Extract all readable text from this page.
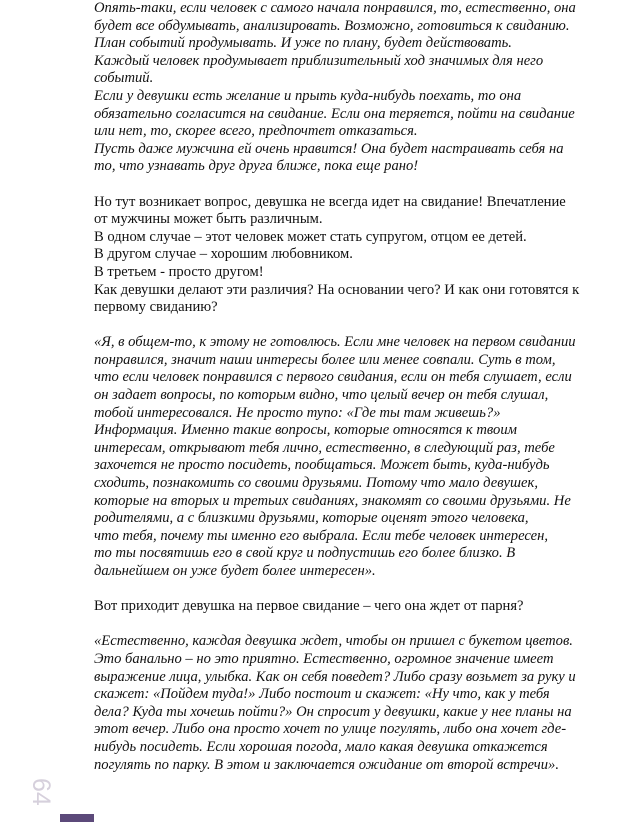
Опять-таки, если человек с самого начала понравился, то, естественно, она
будет все обдумывать, анализировать. Возможно, готовиться к свиданию.
План событий продумывать. И уже по плану, будет действовать.
Каждый человек продумывает приблизительный ход значимых для него
событий.
Если у девушки есть желание и прыть куда-нибудь поехать, то она
обязательно согласится на свидание. Если она теряется, пойти на свидание
или нет, то, скорее всего, предпочтет отказаться.
Пусть даже мужчина ей очень нравится! Она будет настраивать себя на
то, что узнавать друг друга ближе, пока еще рано!
Но тут возникает вопрос, девушка не всегда идет на свидание! Впечатление
от мужчины может быть различным.
В одном случае – этот человек может стать супругом, отцом ее детей.
В другом случае – хорошим любовником.
В третьем - просто другом!
Как девушки делают эти различия? На основании чего? И как они готовятся к
первому свиданию?
«Я, в общем-то, к этому не готовлюсь. Если мне человек на первом свидании
понравился, значит наши интересы более или менее совпали. Суть в том,
что если человек понравился с первого свидания, если он тебя слушает, если
он задает вопросы, по которым видно, что целый вечер он тебя слушал,
тобой интересовался. Не просто тупо: «Где ты там живешь?»
Информация. Именно такие вопросы, которые относятся к твоим
интересам, открывают тебя лично, естественно, в следующий раз, тебе
захочется не просто посидеть, пообщаться. Может быть, куда-нибудь
сходить, познакомить со своими друзьями. Потому что мало девушек,
которые на вторых и третьих свиданиях, знакомят со своими друзьями. Не
родителями, а с близкими друзьями, которые оценят этого человека,
что тебя, почему ты именно его выбрала. Если тебе человек интересен,
то ты посвятишь его в свой круг и подпустишь его более близко. В
дальнейшем он уже будет более интересен».
Вот приходит девушка на первое свидание – чего она ждет от парня?
«Естественно, каждая девушка ждет, чтобы он пришел с букетом цветов.
Это банально – но это приятно. Естественно, огромное значение имеет
выражение лица, улыбка. Как он себя поведет? Либо сразу возьмет за руку и
скажет: «Пойдем туда!» Либо постоит и скажет: «Ну что, как у тебя
дела? Куда ты хочешь пойти?» Он спросит у девушки, какие у нее планы на
этот вечер. Либо она просто хочет по улице погулять, либо она хочет где-
нибудь посидеть. Если хорошая погода, мало какая девушка откажется
погулять по парку. В этом и заключается ожидание от второй встречи».
64
